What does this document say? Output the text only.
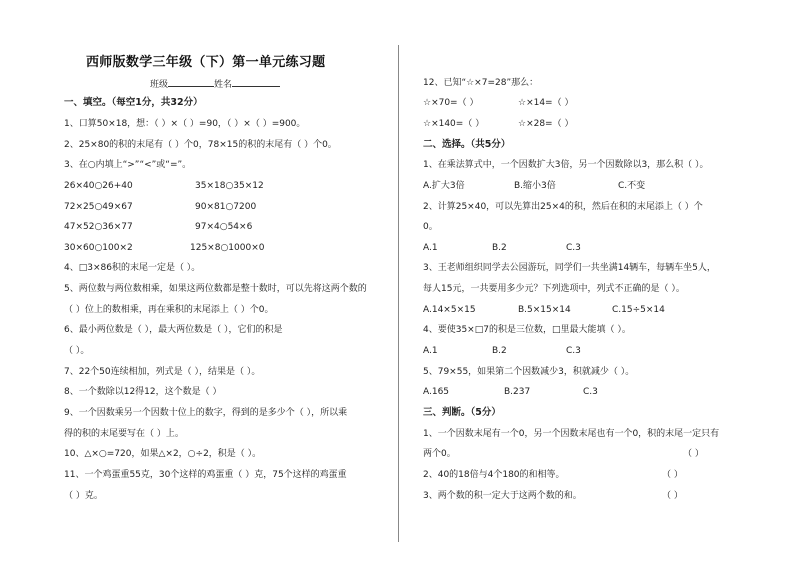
西师版数学三年级（下）第一单元练习题
班级	姓名
一、填空。（每空1分，共32分）
1、口算50×18，想：（ ）×（ ）=90，（ ）×（ ）=900。
2、25×80的积的末尾有（ ）个0，78×15的积的末尾有（ ）个0。
3、在○内填上“>”“<”或“=”。
26×40○26+40	35×18○35×12
72×25○49×67	90×81○7200
47×52○36×77	97×4○54×6
30×60○100×2	125×8○1000×0
4、□3×86积的末尾一定是（ ）。
5、两位数与两位数相乘，如果这两位数都是整十数时，可以先将这两个数的
（ ）位上的数相乘，再在乘积的末尾添上（ ）个0。
6、最小两位数是（ ），最大两位数是（ ），它们的积是
（ ）。
7、22个50连续相加，列式是（ ），结果是（ ）。
8、一个数除以12得12，这个数是（ ）
9、一个因数乘另一个因数十位上的数字，得到的是多少个（ ），所以乘
得的积的末尾要写在（ ）上。
10、△×○=720，如果△×2，○÷2，积是（ ）。
11、一个鸡蛋重55克，30个这样的鸡蛋重（ ）克，75个这样的鸡蛋重
（ ）克。
12、已知“☆×7=28”那么：
☆×70=（ ）	☆×14=（ ）
☆×140=（ ）	☆×28=（ ）
二、选择。（共5分）
1、在乘法算式中，一个因数扩大3倍，另一个因数除以3，那么积（ ）。
A.扩大3倍	B.缩小3倍	C.不变
2、计算25×40，可以先算出25×4的积，然后在积的末尾添上（ ）个
0。
A.1	B.2	C.3
3、王老师组织同学去公园游玩，同学们一共坐满14辆车，每辆车坐5人，
每人15元，一共要用多少元？下列选项中，列式不正确的是（ ）。
A.14×5×15	B.5×15×14	C.15÷5×14
4、要使35×□7的积是三位数，□里最大能填（ ）。
A.1	B.2	C.3
5、79×55，如果第二个因数减少3，积就减少（ ）。
A.165	B.237	C.3
三、判断。（5分）
1、一个因数末尾有一个0，另一个因数末尾也有一个0，积的末尾一定只有
两个0。	（ ）
2、40的18倍与4个180的和相等。	（ ）
3、两个数的积一定大于这两个数的和。	（ ）
